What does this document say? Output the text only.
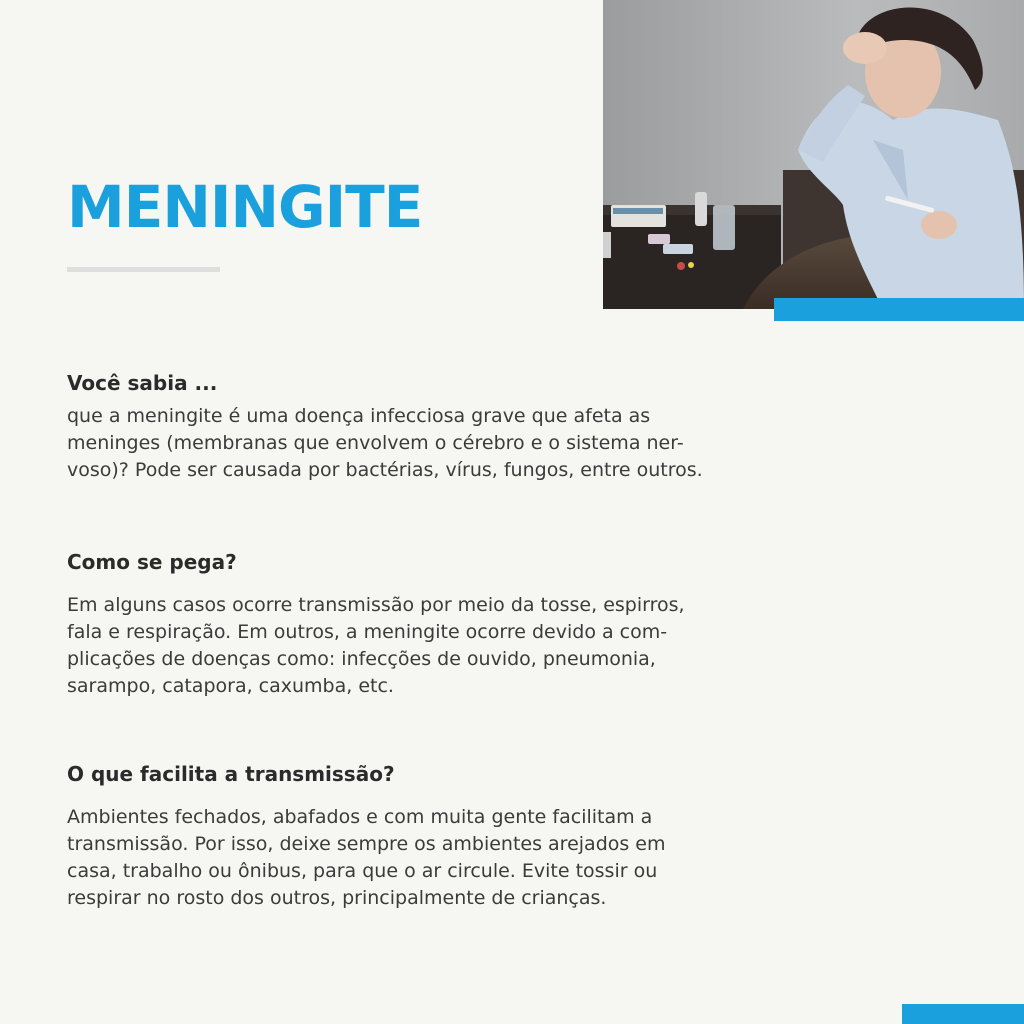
MENINGITE
Você sabia ...

que a meningite é uma doença infecciosa grave que afeta as
meninges (membranas que envolvem o cérebro e o sistema ner-
voso)? Pode ser causada por bactérias, vírus, fungos, entre outros.

Como se pega?

Em alguns casos ocorre transmissão por meio da tosse, espirros,
fala e respiração. Em outros, a meningite ocorre devido a com-
plicações de doenças como: infecções de ouvido, pneumonia,
sarampo, catapora, caxumba, etc.

O que facilita a transmissão?

Ambientes fechados, abafados e com muita gente facilitam a
transmissão. Por isso, deixe sempre os ambientes arejados em
casa, trabalho ou ônibus, para que o ar circule. Evite tossir ou
respirar no rosto dos outros, principalmente de crianças.
